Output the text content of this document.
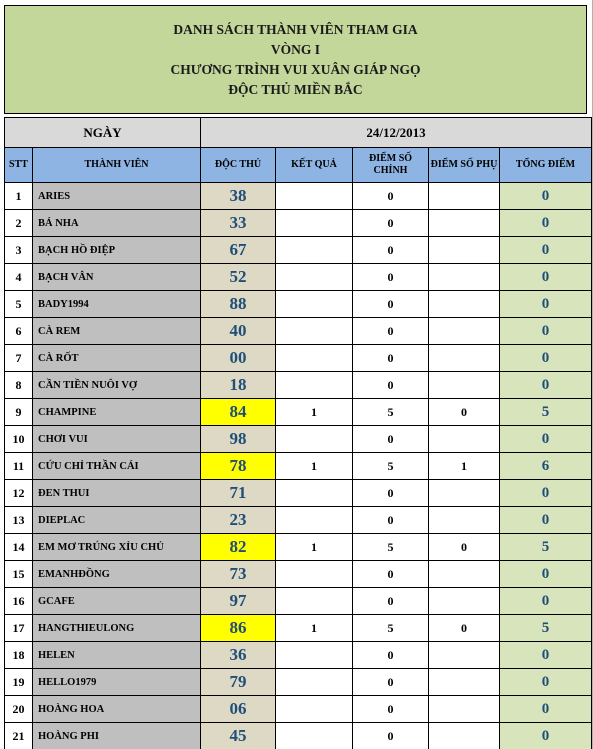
DANH SÁCH THÀNH VIÊN THAM GIA
VÒNG I
CHƯƠNG TRÌNH VUI XUÂN GIÁP NGỌ
ĐỘC THỦ MIỀN BẮC
NGÀY		24/12/2013				
STT	THÀNH VIÊN	ĐỘC THỦ	KẾT QUẢ	ĐIỂM SỐ CHÍNH	ĐIỂM SỐ PHỤ	TỔNG ĐIỂM
1	ARIES	38		0		0
2	BÁ NHA	33		0		0
3	BẠCH HỒ ĐIỆP	67		0		0
4	BẠCH VÂN	52		0		0
5	BADY1994	88		0		0
6	CÀ REM	40		0		0
7	CÀ RỐT	00		0		0
8	CẦN TIỀN NUÔI VỢ	18		0		0
9	CHAMPINE	84	1	5	0	5
10	CHƠI VUI	98		0		0
11	CỨU CHỈ THẦN CÁI	78	1	5	1	6
12	ĐEN THUI	71		0		0
13	DIEPLAC	23		0		0
14	EM MƠ TRÚNG XỈU CHỦ	82	1	5	0	5
15	EMANHĐỒNG	73		0		0
16	GCAFE	97		0		0
17	HANGTHIEULONG	86	1	5	0	5
18	HELEN	36		0		0
19	HELLO1979	79		0		0
20	HOÀNG HOA	06		0		0
21	HOÀNG PHI	45		0		0
